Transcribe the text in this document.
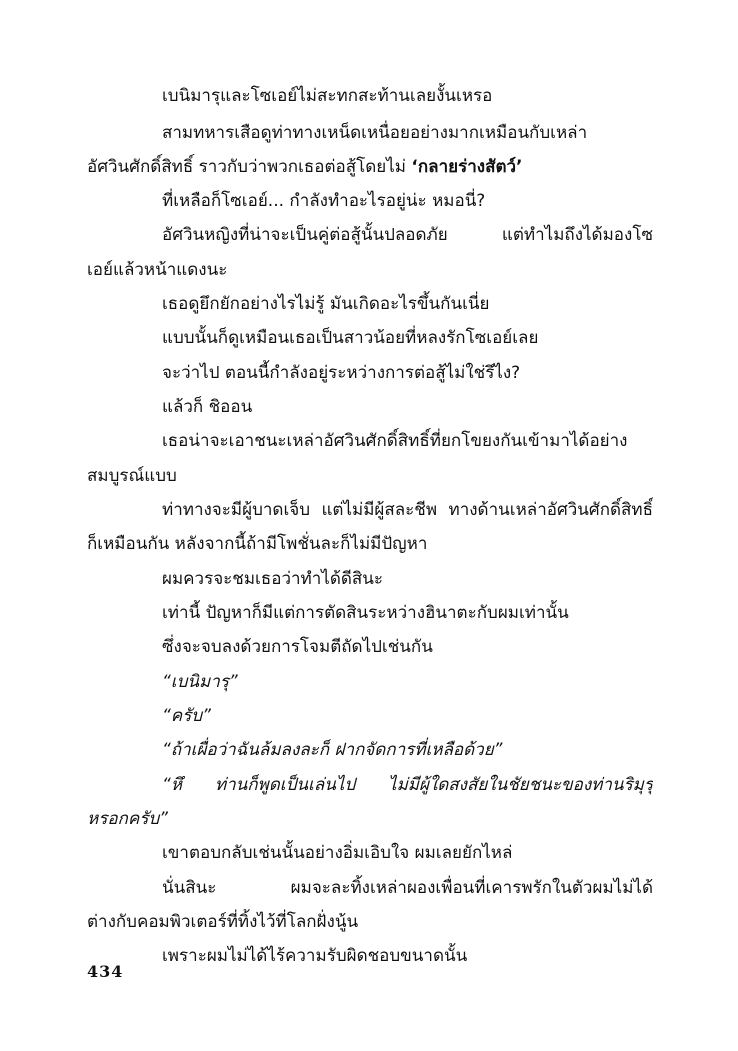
เบนิมารุและโซเอย์ไม่สะทกสะท้านเลยงั้นเหรอ
สามทหารเสือดูท่าทางเหน็ดเหนื่อยอย่างมากเหมือนกับเหล่า
อัศวินศักดิ์สิทธิ์ ราวกับว่าพวกเธอต่อสู้โดยไม่ ‘กลายร่างสัตว์’
ที่เหลือก็โซเอย์... กำลังทำอะไรอยู่น่ะ หมอนี่?
อัศวินหญิงที่น่าจะเป็นคู่ต่อสู้นั้นปลอดภัย แต่ทำไมถึงได้มองโซ
เอย์แล้วหน้าแดงนะ
เธอดูยึกยักอย่างไรไม่รู้ มันเกิดอะไรขึ้นกันเนี่ย
แบบนั้นก็ดูเหมือนเธอเป็นสาวน้อยที่หลงรักโซเอย์เลย
จะว่าไป ตอนนี้กำลังอยู่ระหว่างการต่อสู้ไม่ใช่รึไง?
แล้วก็ ชิออน
เธอน่าจะเอาชนะเหล่าอัศวินศักดิ์สิทธิ์ที่ยกโขยงกันเข้ามาได้อย่าง
สมบูรณ์แบบ
ท่าทางจะมีผู้บาดเจ็บ แต่ไม่มีผู้สละชีพ ทางด้านเหล่าอัศวินศักดิ์สิทธิ์
ก็เหมือนกัน หลังจากนี้ถ้ามีโพชั่นละก็ไม่มีปัญหา
ผมควรจะชมเธอว่าทำได้ดีสินะ
เท่านี้ ปัญหาก็มีแต่การตัดสินระหว่างฮินาตะกับผมเท่านั้น
ซึ่งจะจบลงด้วยการโจมตีถัดไปเช่นกัน
“เบนิมารุ”
“ครับ”
“ถ้าเผื่อว่าฉันล้มลงละก็ ฝากจัดการที่เหลือด้วย”
“หึ ท่านก็พูดเป็นเล่นไป ไม่มีผู้ใดสงสัยในชัยชนะของท่านริมุรุ
หรอกครับ”
เขาตอบกลับเช่นนั้นอย่างอิ่มเอิบใจ ผมเลยยักไหล่
นั่นสินะ ผมจะละทิ้งเหล่าผองเพื่อนที่เคารพรักในตัวผมไม่ได้
ต่างกับคอมพิวเตอร์ที่ทิ้งไว้ที่โลกฝั่งนู้น
เพราะผมไม่ได้ไร้ความรับผิดชอบขนาดนั้น
434
